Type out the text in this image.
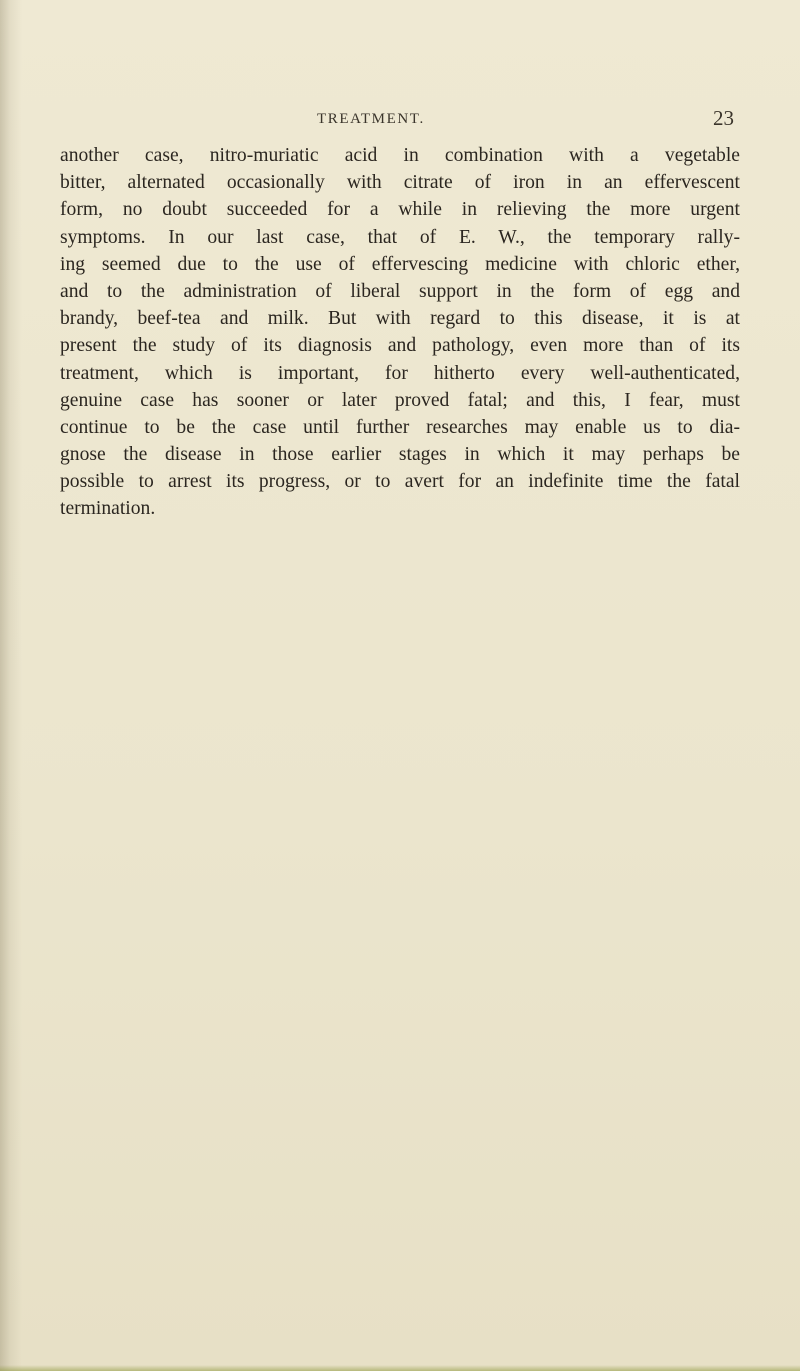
TREATMENT.	23
another case, nitro-muriatic acid in combination with a vegetable
bitter, alternated occasionally with citrate of iron in an effervescent
form, no doubt succeeded for a while in relieving the more urgent
symptoms. In our last case, that of E. W., the temporary rally-
ing seemed due to the use of effervescing medicine with chloric ether,
and to the administration of liberal support in the form of egg and
brandy, beef-tea and milk. But with regard to this disease, it is at
present the study of its diagnosis and pathology, even more than of its
treatment, which is important, for hitherto every well-authenticated,
genuine case has sooner or later proved fatal; and this, I fear, must
continue to be the case until further researches may enable us to dia-
gnose the disease in those earlier stages in which it may perhaps be
possible to arrest its progress, or to avert for an indefinite time the fatal
termination.
